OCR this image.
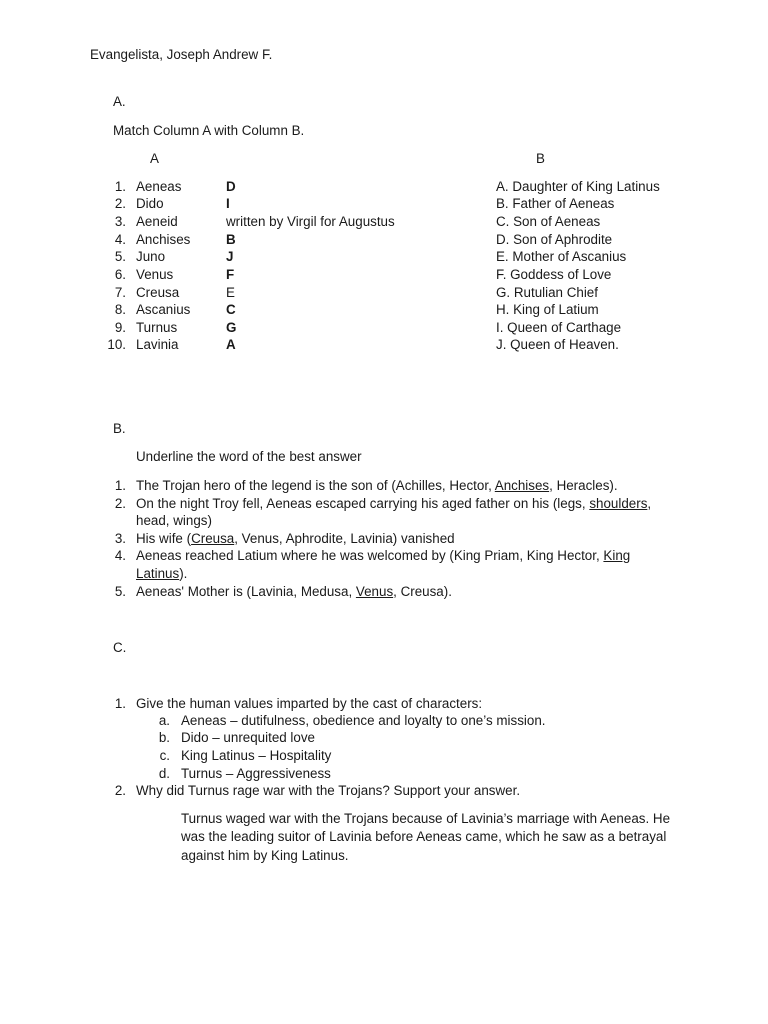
Evangelista, Joseph Andrew F.
A.
Match Column A with Column B.
A	B
1. Aeneas	D	A. Daughter of King Latinus
2. Dido	I	B. Father of Aeneas
3. Aeneid	written by Virgil for Augustus	C. Son of Aeneas
4. Anchises	B	D. Son of Aphrodite
5. Juno	J	E. Mother of Ascanius
6. Venus	F	F. Goddess of Love
7. Creusa	E	G. Rutulian Chief
8. Ascanius	C	H. King of Latium
9. Turnus	G	I. Queen of Carthage
10. Lavinia	A	J. Queen of Heaven.
B.
Underline the word of the best answer
1. The Trojan hero of the legend is the son of (Achilles, Hector, Anchises, Heracles).
2. On the night Troy fell, Aeneas escaped carrying his aged father on his (legs, shoulders,
head, wings)
3. His wife (Creusa, Venus, Aphrodite, Lavinia) vanished
4. Aeneas reached Latium where he was welcomed by (King Priam, King Hector, King
Latinus).
5. Aeneas' Mother is (Lavinia, Medusa, Venus, Creusa).
C.
1. Give the human values imparted by the cast of characters:
a. Aeneas – dutifulness, obedience and loyalty to one’s mission.
b. Dido – unrequited love
c. King Latinus – Hospitality
d. Turnus – Aggressiveness
2. Why did Turnus rage war with the Trojans? Support your answer.
Turnus waged war with the Trojans because of Lavinia’s marriage with Aeneas. He was the leading suitor of Lavinia before Aeneas came, which he saw as a betrayal against him by King Latinus.
